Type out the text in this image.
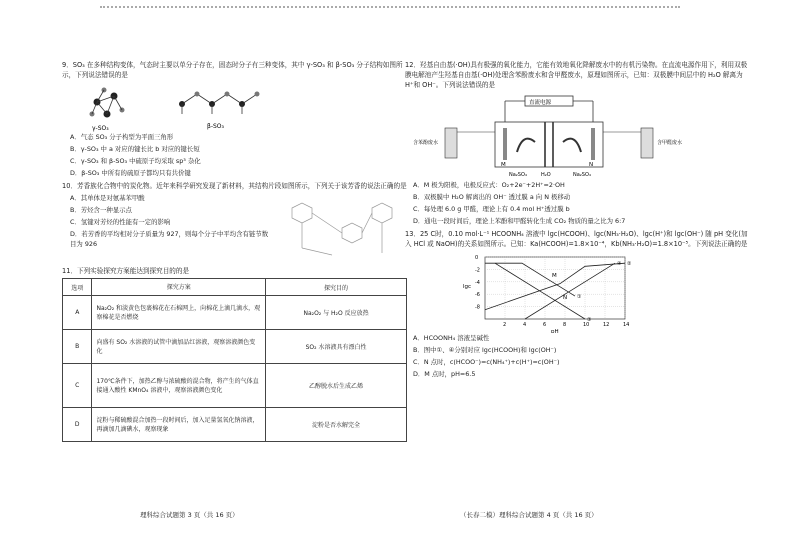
9．SO₃ 在多种结构变体，气态时主要以单分子存在，固态时分子有三种变体，其中 γ-SO₃ 和 β-SO₃ 分子结构如图所示，下列说法错误的是

γ-SO₃	β-SO₃

A．气态 SO₃ 分子构型为平面三角形

B．γ-SO₃ 中 a 对应的键长比 b 对应的键长短

C．γ-SO₃ 和 β-SO₃ 中硫原子均采取 sp³ 杂化

D．β-SO₃ 中所有的硫原子都均只有共价键

10．芳香族化合物中的炭化物。近年来科学研究发现了新材料，其结构片段如图所示，下列关于该芳香的说法正确的是

A．其单体是对氨基苯甲酸

B．芳烃含一种显示点

C．氢键对芳烃的性能有一定的影响

D．若芳香的平均相对分子质量为 927，则每个分子中平均含有链节数目为 926

11．下列实验探究方案能达到探究目的的是

选项	探究方案	探究目的
A	Na₂O₂ 和淡黄色包裹棉花在石棉网上，向棉花上滴几滴水，观察棉花是否燃烧	Na₂O₂ 与 H₂O 反应放热
B	向盛有 SO₂ 水溶液的试管中滴加品红溶液，观察溶液颜色变化	SO₂ 水溶液具有漂白性
C	170℃条件下，加热乙醇与浓硫酸的混合物，将产生的气体直接通入酸性 KMnO₄ 溶液中，观察溶液颜色变化	乙醇脱水后生成乙烯
D	淀粉与稀硫酸混合加热一段时间后，加入足量氢氧化钠溶液，再滴加几滴碘水，观察现象	淀粉是否水解完全

12．羟基自由基(·OH)具有极强的氧化能力，它能有效地氧化降解废水中的有机污染物。在直流电源作用下，利用双极膜电解池产生羟基自由基(·OH)处理含苯酚废水和含甲醛废水，原理如图所示，已知：双极膜中间层中的 H₂O 解离为 H⁺和 OH⁻。下列说法错误的是

直流电源
M	N
Na₂SO₄	H₂O	Na₂SO₄
含苯酚废水	含甲醛废水

A．M 极为阳极，电极反应式：O₂+2e⁻+2H⁺=2·OH

B．双极膜中 H₂O 解离出的 OH⁻ 透过膜 a 向 N 极移动

C．每处理 6.0 g 甲醛，理论上有 0.4 mol H⁺透过膜 b

D．通电一段时间后，理论上苯酚和甲醛转化生成 CO₂ 物质的量之比为 6:7

13．25 C时，0.10 mol·L⁻¹ HCOONH₄ 溶液中 lgc(HCOOH)、lgc(NH₃·H₂O)、lgc(H⁺)和 lgc(OH⁻) 随 pH 变化(加入 HCl 或 NaOH)的关系如图所示。已知：Ka(HCOOH)=1.8×10⁻⁴，Kb(NH₃·H₂O)=1.8×10⁻⁵。下列说法正确的是

2	4	6	8	10	12	14
0
-2
-4
-6
-8
pH
lgc
①
②
③
④
M
N

A．HCOONH₄ 溶液呈碱性

B．图中①、④分别对应 lgc(HCOOH)和 lgc(OH⁻)

C．N 点时，c(HCOO⁻)=c(NH₄⁺)+c(H⁺)=c(OH⁻)

D．M 点时，pH=6.5

理科综合试题第 3 页（共 16 页）	（长春二模）理科综合试题第 4 页（共 16 页）
